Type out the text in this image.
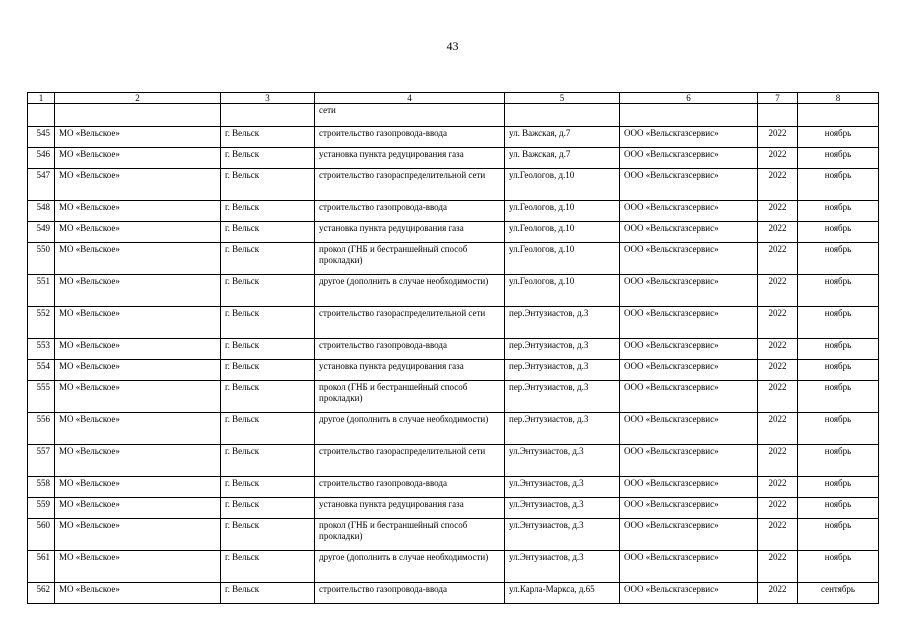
43
1	2	3	4	5	6	7	8
			сети				
545	МО «Вельское»	г. Вельск	строительство газопровода-ввода	ул. Важская, д.7	ООО «Вельскгазсервис»	2022	ноябрь
546	МО «Вельское»	г. Вельск	установка пункта редуцирования газа	ул. Важская, д.7	ООО «Вельскгазсервис»	2022	ноябрь
547	МО «Вельское»	г. Вельск	строительство газораспределительной сети	ул.Геологов, д.10	ООО «Вельскгазсервис»	2022	ноябрь
548	МО «Вельское»	г. Вельск	строительство газопровода-ввода	ул.Геологов, д.10	ООО «Вельскгазсервис»	2022	ноябрь
549	МО «Вельское»	г. Вельск	установка пункта редуцирования газа	ул.Геологов, д.10	ООО «Вельскгазсервис»	2022	ноябрь
550	МО «Вельское»	г. Вельск	прокол (ГНБ и бестраншейный способ прокладки)	ул.Геологов, д.10	ООО «Вельскгазсервис»	2022	ноябрь
551	МО «Вельское»	г. Вельск	другое (дополнить в случае необходимости)	ул.Геологов, д.10	ООО «Вельскгазсервис»	2022	ноябрь
552	МО «Вельское»	г. Вельск	строительство газораспределительной сети	пер.Энтузиастов, д.3	ООО «Вельскгазсервис»	2022	ноябрь
553	МО «Вельское»	г. Вельск	строительство газопровода-ввода	пер.Энтузиастов, д.3	ООО «Вельскгазсервис»	2022	ноябрь
554	МО «Вельское»	г. Вельск	установка пункта редуцирования газа	пер.Энтузиастов, д.3	ООО «Вельскгазсервис»	2022	ноябрь
555	МО «Вельское»	г. Вельск	прокол (ГНБ и бестраншейный способ прокладки)	пер.Энтузиастов, д.3	ООО «Вельскгазсервис»	2022	ноябрь
556	МО «Вельское»	г. Вельск	другое (дополнить в случае необходимости)	пер.Энтузиастов, д.3	ООО «Вельскгазсервис»	2022	ноябрь
557	МО «Вельское»	г. Вельск	строительство газораспределительной сети	ул.Энтузиастов, д.3	ООО «Вельскгазсервис»	2022	ноябрь
558	МО «Вельское»	г. Вельск	строительство газопровода-ввода	ул.Энтузиастов, д.3	ООО «Вельскгазсервис»	2022	ноябрь
559	МО «Вельское»	г. Вельск	установка пункта редуцирования газа	ул.Энтузиастов, д.3	ООО «Вельскгазсервис»	2022	ноябрь
560	МО «Вельское»	г. Вельск	прокол (ГНБ и бестраншейный способ прокладки)	ул.Энтузиастов, д.3	ООО «Вельскгазсервис»	2022	ноябрь
561	МО «Вельское»	г. Вельск	другое (дополнить в случае необходимости)	ул.Энтузиастов, д.3	ООО «Вельскгазсервис»	2022	ноябрь
562	МО «Вельское»	г. Вельск	строительство газопровода-ввода	ул.Карла-Маркса, д.65	ООО «Вельскгазсервис»	2022	сентябрь
